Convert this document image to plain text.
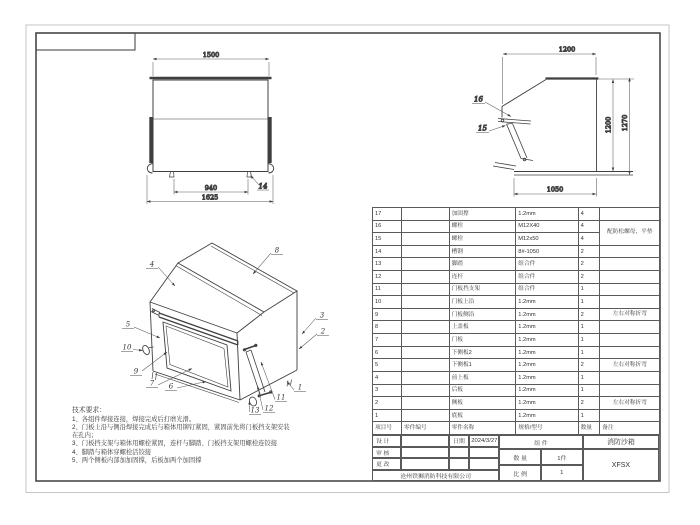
1500
940
1625
14
1200
1200 1270
1050
16
15
4
8
3
2
1
5
10
9
7 6
11
12
13
技术要求：
1、各组件焊接连接，焊接完成后打磨光滑。
2、门板上沿与侧沿焊接完成后与箱体用铆钉紧固，紧固前先将门板挡支架安装
在孔内；
3、门板挡支架与箱体用螺栓紧固，连杆与脚踏、门板挡支架用螺栓连铰接
4、脚踏与箱体穿螺栓活铰接
5、两个侧板内部加加固撑，后板加两个加固撑
17		加固撑	1.2mm	4	
16		螺栓	M12X40	4	配防松螺母，平垫
15		螺栓	M12x50	4	
14		槽钢	8#-1050	2	
13		脚踏	组合件	2	
12		连杆	组合件	2	
11		门板挡支架	组合件	1	
10		门板上沿	1.2mm	1	
9		门板侧沿	1.2mm	2	左右对称折弯
8		上盖板	1.2mm	1	
7		门板	1.2mm	1	
6		下侧板2	1.2mm	1	
5		下侧板1	1.2mm	2	左右对称折弯
4		前上板	1.2mm	1	
3		后板	1.2mm	1	
2		侧板	1.2mm	2	左右对称折弯
1		底板	1.2mm	1	
项目号	零件编号	零件名称	规格/型号	数量	备注
设 计	日期	2024/3/27
审 核
更 改
沧州铁狮消防科技有限公司
组 件
数 量	1件
比 例	1
消防沙箱
XFSX
